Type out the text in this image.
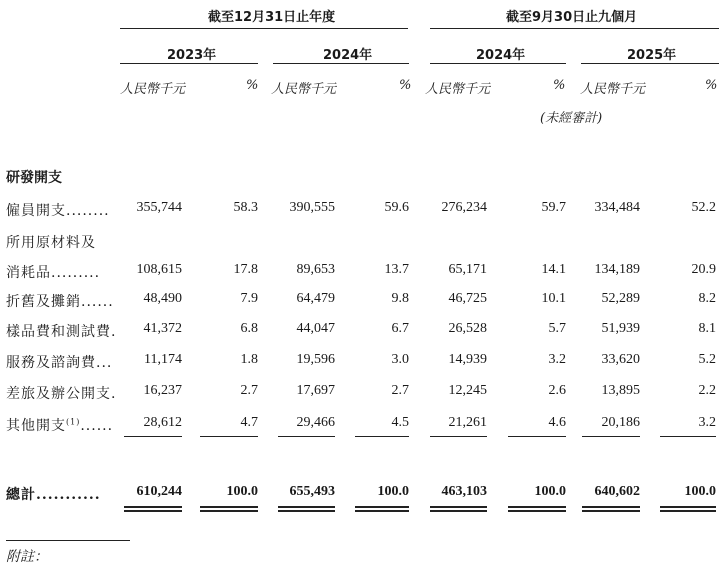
截至12月31日止年度	截至9月30日止九個月
2023年	2024年	2024年	2025年
人民幣千元	% 人民幣千元	% 人民幣千元	% 人民幣千元	%
(未經審計)
研發開支
僱員開支........ 355,744	58.3 390,555	59.6 276,234	59.7 334,484	52.2
所用原材料及
消耗品.........	108,615	17.8	89,653	13.7	65,171	14.1 134,189	20.9
折舊及攤銷...... 48,490	7.9	64,479	9.8	46,725	10.1	52,289	8.2
樣品費和測試費. 41,372	6.8	44,047	6.7	26,528	5.7	51,939	8.1
服務及諮詢費... 11,174	1.8	19,596	3.0	14,939	3.2	33,620	5.2
差旅及辦公開支. 16,237	2.7	17,697	2.7	12,245	2.6	13,895	2.2
其他開支$^{(1)}$...... 28,612	4.7	29,466	4.5	21,261	4.6	20,186	3.2
總計...........	610,244	100.0 655,493	100.0 463,103	100.0 640,602	100.0
附註：
